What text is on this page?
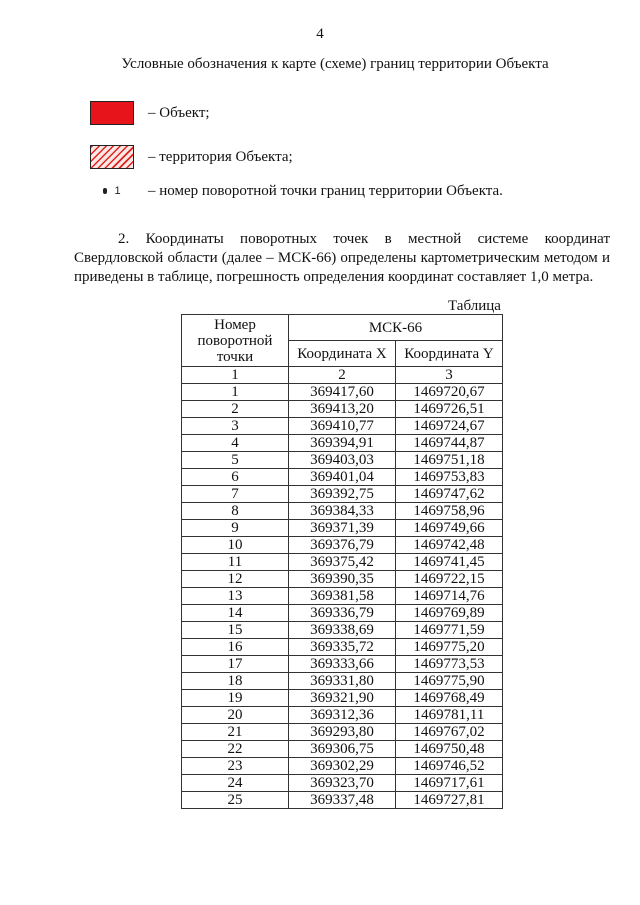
4
Условные обозначения к карте (схеме) границ территории Объекта
– Объект;
– территория Объекта;
1 – номер поворотной точки границ территории Объекта.
2. Координаты поворотных точек в местной системе координат Свердловской области (далее – МСК-66) определены картометрическим методом и приведены в таблице, погрешность определения координат составляет 1,0 метра.
Таблица
Номер поворотной точки	МСК-66	
	Координата X	Координата Y
1	2	3
1	369417,60	1469720,67
2	369413,20	1469726,51
3	369410,77	1469724,67
4	369394,91	1469744,87
5	369403,03	1469751,18
6	369401,04	1469753,83
7	369392,75	1469747,62
8	369384,33	1469758,96
9	369371,39	1469749,66
10	369376,79	1469742,48
11	369375,42	1469741,45
12	369390,35	1469722,15
13	369381,58	1469714,76
14	369336,79	1469769,89
15	369338,69	1469771,59
16	369335,72	1469775,20
17	369333,66	1469773,53
18	369331,80	1469775,90
19	369321,90	1469768,49
20	369312,36	1469781,11
21	369293,80	1469767,02
22	369306,75	1469750,48
23	369302,29	1469746,52
24	369323,70	1469717,61
25	369337,48	1469727,81
